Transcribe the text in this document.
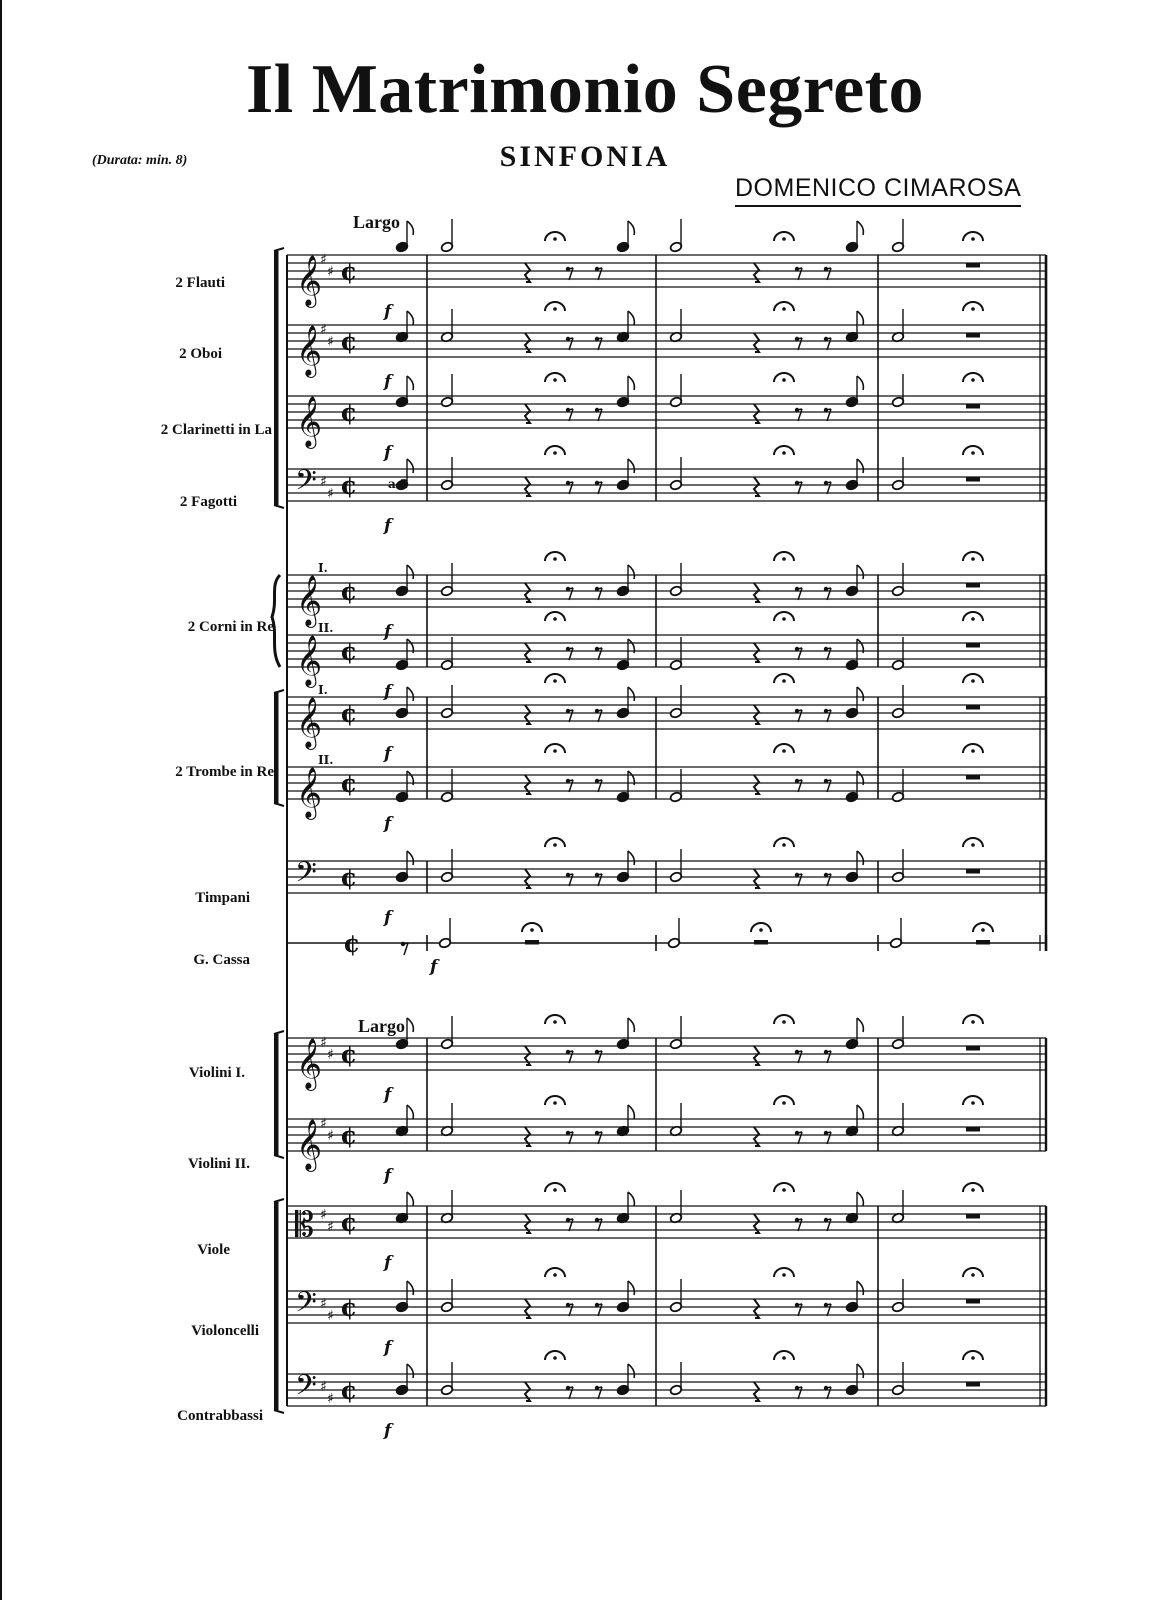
Il Matrimonio Segreto
SINFONIA
(Durata: min. 8)
DOMENICO CIMAROSA
Largo
Largo
2 Flauti
2 Oboi
2 Clarinetti in La
2 Fagotti
2 Corni in Re
2 Trombe in Re
Timpani
G. Cassa
Violini I.
Violini II.
Viole
Violoncelli
Contrabbassi
𝄞
♯
♯ ¢
𝄞
♯
♯ ¢
𝄞 ¢
𝄢 ♯
♯ ¢
𝄞 ¢
𝄞 ¢
𝄞 ¢
𝄞 ¢
𝄢 ¢
𝄞
♯
♯ ¢
𝄞
♯
♯ ¢
𝄡 ♯
♯ ¢
𝄢 ♯
♯ ¢
𝄢 ♯
♯ ¢
¢
I.
II.
I.
II.
f
f
f
f
f
f
f
f
f
f
f
f
f
f
f
a 2
